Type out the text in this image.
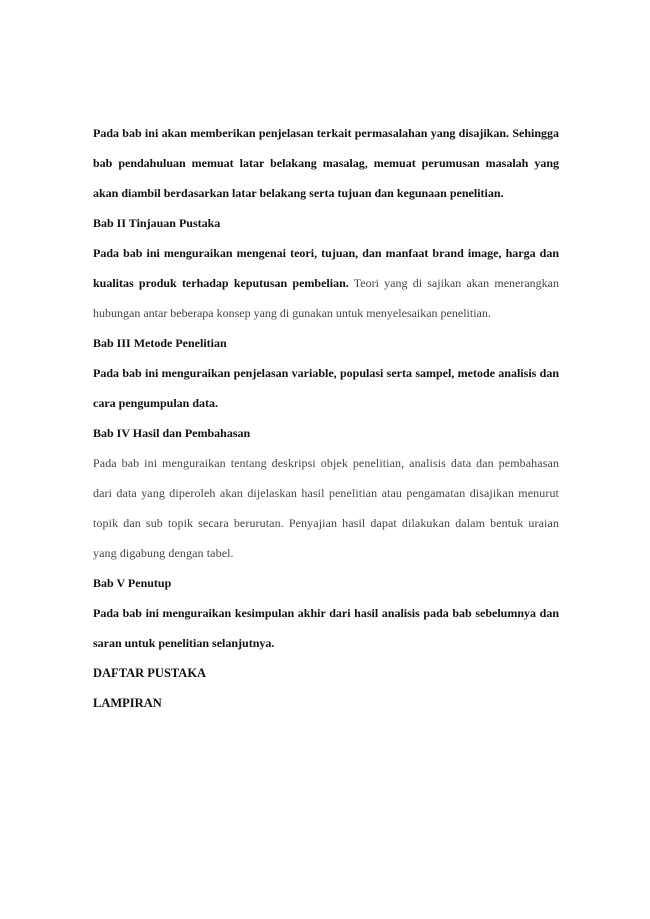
Pada bab ini akan memberikan penjelasan terkait permasalahan yang disajikan. Sehingga bab pendahuluan memuat latar belakang masalag, memuat perumusan masalah yang akan diambil berdasarkan latar belakang serta tujuan dan kegunaan penelitian.

Bab II Tinjauan Pustaka

Pada bab ini menguraikan mengenai teori, tujuan, dan manfaat brand image, harga dan kualitas produk terhadap keputusan pembelian. Teori yang di sajikan akan menerangkan hubungan antar beberapa konsep yang di gunakan untuk menyelesaikan penelitian.

Bab III Metode Penelitian

Pada bab ini menguraikan penjelasan variable, populasi serta sampel, metode analisis dan cara pengumpulan data.

Bab IV Hasil dan Pembahasan

Pada bab ini menguraikan tentang deskripsi objek penelitian, analisis data dan pembahasan dari data yang diperoleh akan dijelaskan hasil penelitian atau pengamatan disajikan menurut topik dan sub topik secara berurutan. Penyajian hasil dapat dilakukan dalam bentuk uraian yang digabung dengan tabel.

Bab V Penutup

Pada bab ini menguraikan kesimpulan akhir dari hasil analisis pada bab sebelumnya dan saran untuk penelitian selanjutnya.

DAFTAR PUSTAKA
LAMPIRAN
